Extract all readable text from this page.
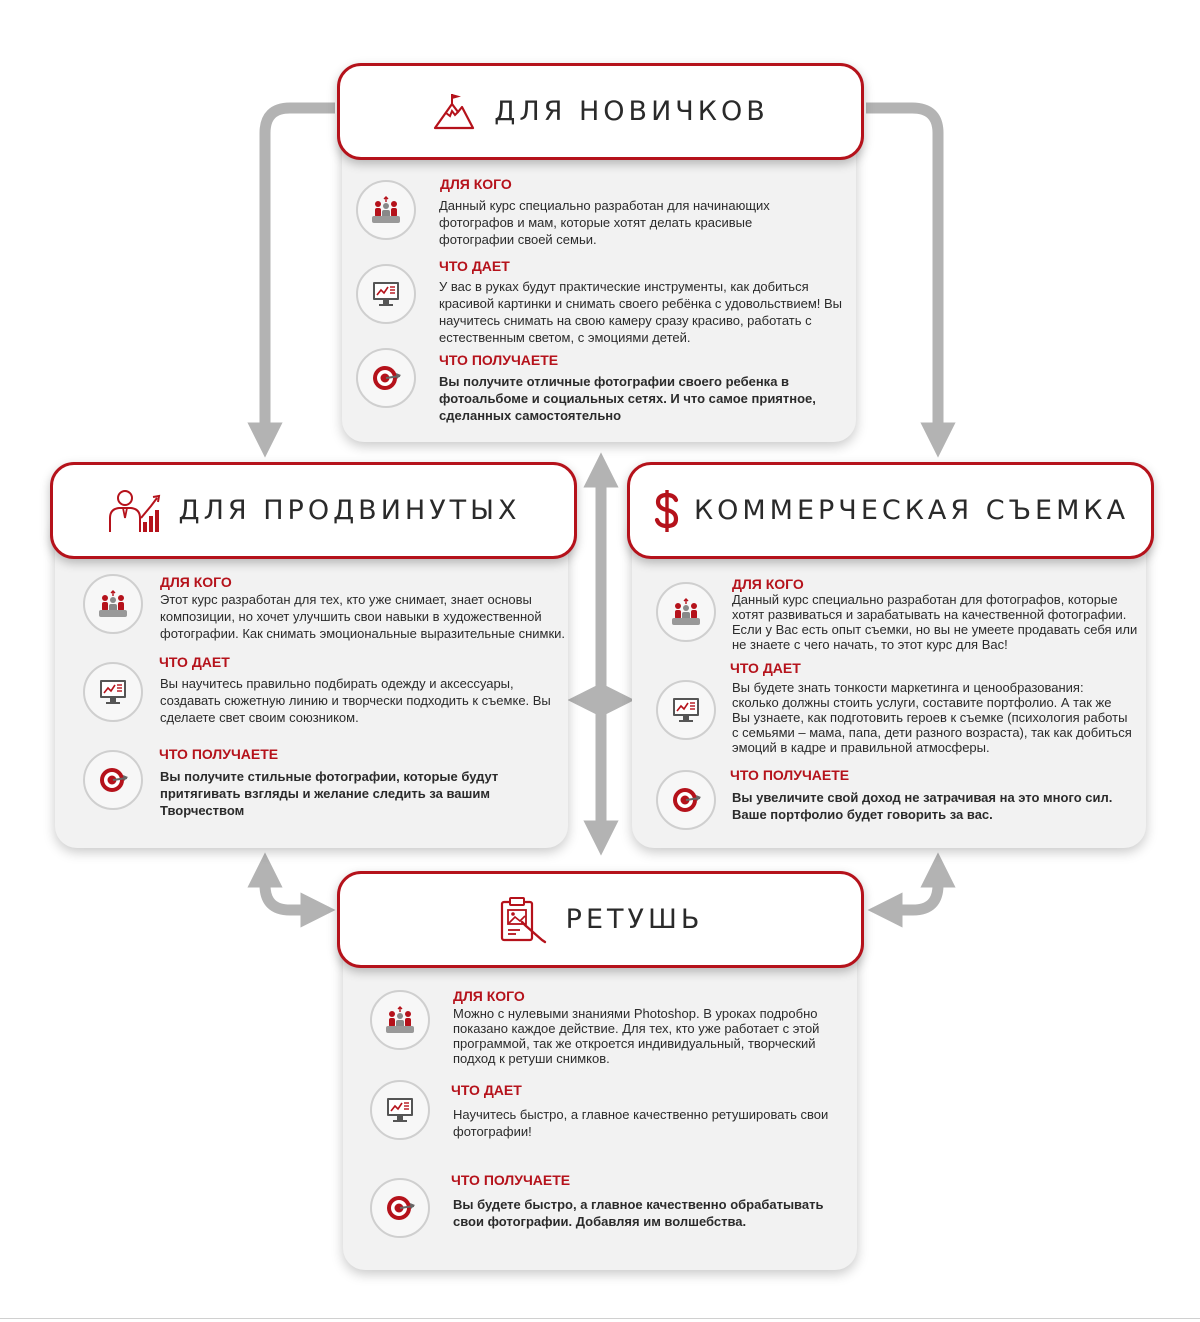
ДЛЯ КОГО
Данный курс специально разработан для начинающих фотографов и мам, которые хотят делать красивые фотографии своей семьи.
ЧТО ДАЕТ
У вас в руках будут практические инструменты, как добиться красивой картинки и снимать своего ребёнка с удовольствием! Вы научитесь снимать на свою камеру сразу красиво, работать с естественным светом, с эмоциями детей.
ЧТО ПОЛУЧАЕТЕ
Вы получите отличные фотографии своего ребенка в фотоальбоме и социальных сетях. И что самое приятное, сделанных самостоятельно
ДЛЯ НОВИЧКОВ
ДЛЯ КОГО
Этот курс разработан для тех, кто уже снимает, знает основы композиции, но хочет улучшить свои навыки в художественной фотографии. Как снимать эмоциональные выразительные снимки.
ЧТО ДАЕТ
Вы научитесь правильно подбирать одежду и аксессуары, создавать сюжетную линию и творчески подходить к съемке. Вы сделаете свет своим союзником.
ЧТО ПОЛУЧАЕТЕ
Вы получите стильные фотографии, которые будут притягивать взгляды и желание следить за вашим Творчеством
ДЛЯ ПРОДВИНУТЫХ
ДЛЯ КОГО
Данный курс специально разработан для фотографов, которые хотят развиваться и зарабатывать на качественной фотографии. Если у Вас есть опыт съемки, но вы не умеете продавать себя или не знаете с чего начать, то этот курс для Вас!
ЧТО ДАЕТ
Вы будете знать тонкости маркетинга и ценообразования: сколько должны стоить услуги, составите портфолио. А так же Вы узнаете, как подготовить героев к съемке (психология работы с семьями – мама, папа, дети разного возраста), так как добиться эмоций в кадре и правильной атмосферы.
ЧТО ПОЛУЧАЕТЕ
Вы увеличите свой доход не затрачивая на это много сил. Ваше портфолио будет говорить за вас.
КОММЕРЧЕСКАЯ СЪЕМКА
ДЛЯ КОГО
Можно с нулевыми знаниями Photoshop. В уроках подробно показано каждое действие. Для тех, кто уже работает с этой программой, так же откроется индивидуальный, творческий подход к ретуши снимков.
ЧТО ДАЕТ
Научитесь быстро, а главное качественно ретушировать свои фотографии!
ЧТО ПОЛУЧАЕТЕ
Вы будете быстро, а главное качественно обрабатывать свои фотографии. Добавляя им волшебства.
РЕТУШЬ
